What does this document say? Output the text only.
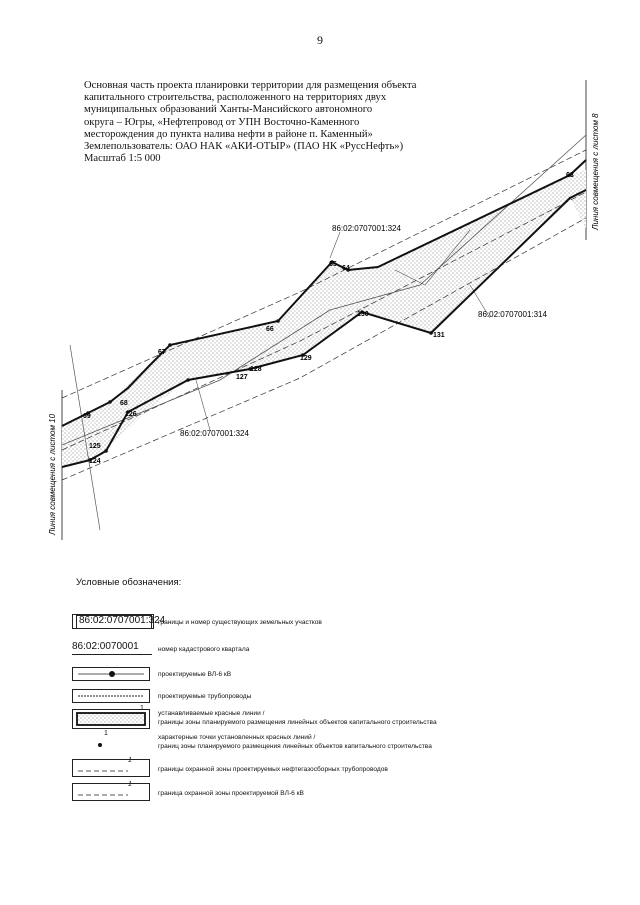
9
Основная часть проекта планировки территории для размещения объекта
капитального строительства, расположенного на территориях двух
муниципальных образований Ханты-Мансийского автономного
округа – Югры, «Нефтепровод от УПН Восточно-Каменного
месторождения до пункта налива нефти в районе п. Каменный»
Землепользователь: ОАО НАК «АКИ-ОТЫР» (ПАО НК «РуссНефть»)
Масштаб 1:5 000	Линия совмещения с листом 8
Линия совмещения с листом 10	69
68
67
66
65
64
63
125
124
126
127
128
129
130
131
86:02:0707001:324
86:02:0707001:314
86:02:0707001:324
Условные обозначения:
86:02:0707001:324
границы и номер существующих земельных участков
86:02:0070001	номер кадастрового квартала
проектируемые ВЛ-6 кВ
проектируемые трубопроводы
1
устанавливаемые красные линии /
границы зоны планируемого размещения линейных объектов капитального строительства
1
характерные точки установленных красных линий /
границ зоны планируемого размещения линейных объектов капитального строительства
1
границы охранной зоны проектируемых нефтегазосборных трубопроводов
1
граница охранной зоны проектируемой ВЛ-6 кВ
